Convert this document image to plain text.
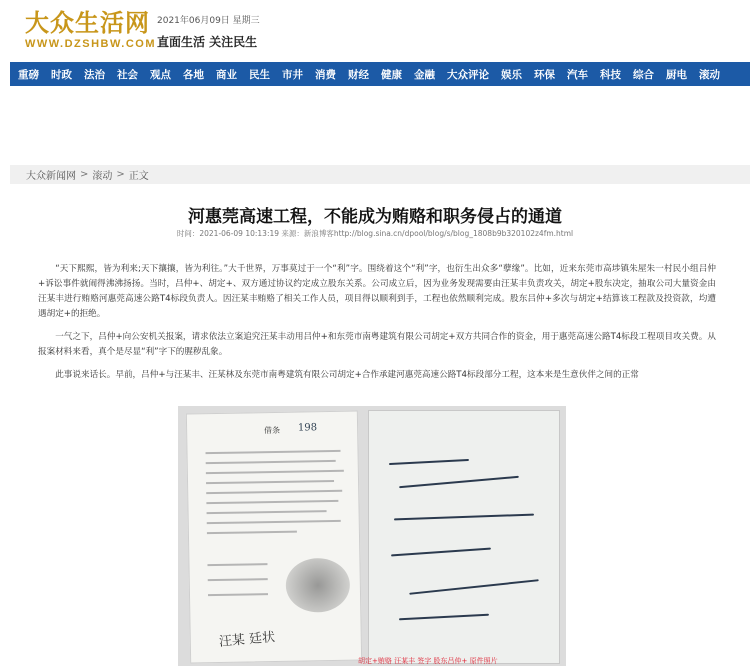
大众生活网
WWW.DZSHBW.COM
2021年06月09日 星期三
直面生活 关注民生
重磅 时政 法治 社会 观点 各地 商业 民生 市井 消费 财经 健康 金融 大众评论 娱乐 环保 汽车 科技 综合 厨电 滚动
大众新闻网 > 滚动 > 正文
河惠莞高速工程，不能成为贿赂和职务侵占的通道
时间：2021-06-09 10:13:19 来源：新浪博客http://blog.sina.cn/dpool/blog/s/blog_1808b9b320102z4fm.html

“天下熙熙，皆为利来;天下攘攘，皆为利往。”大千世界，万事莫过于一个“利”字。围绕着这个“利”字，也衍生出众多“孽缘”。比如，近来东莞市高埗镇朱屋朱一村民小组吕仲+诉讼事件就闹得沸沸扬扬。当时，吕仲+、胡定+、双方通过协议约定成立股东关系。公司成立后，因为业务发现需要由汪某丰负责攻关，胡定+股东决定，抽取公司大量资金由汪某丰进行贿赂河惠莞高速公路T4标段负责人。因汪某丰贿赂了相关工作人员，项目得以顺利到手，工程也依然顺利完成。股东吕仲+多次与胡定+结算该工程款及投资款，均遭遇胡定+的拒绝。

一气之下，吕仲+向公安机关报案，请求依法立案追究汪某丰动用吕仲+和东莞市南粤建筑有限公司胡定+双方共同合作的资金，用于惠莞高速公路T4标段工程项目攻关费。从报案材料来看，真个是尽显“利”字下的腥秽乱象。

此事说来话长。早前，吕仲+与汪某丰、汪某林及东莞市南粤建筑有限公司胡定+合作承建河惠莞高速公路T4标段部分工程，这本来是生意伙伴之间的正常

借条	198
汪某 廷状
胡定+贿赂 汪某丰 签字 股东吕仲+ 原件照片
